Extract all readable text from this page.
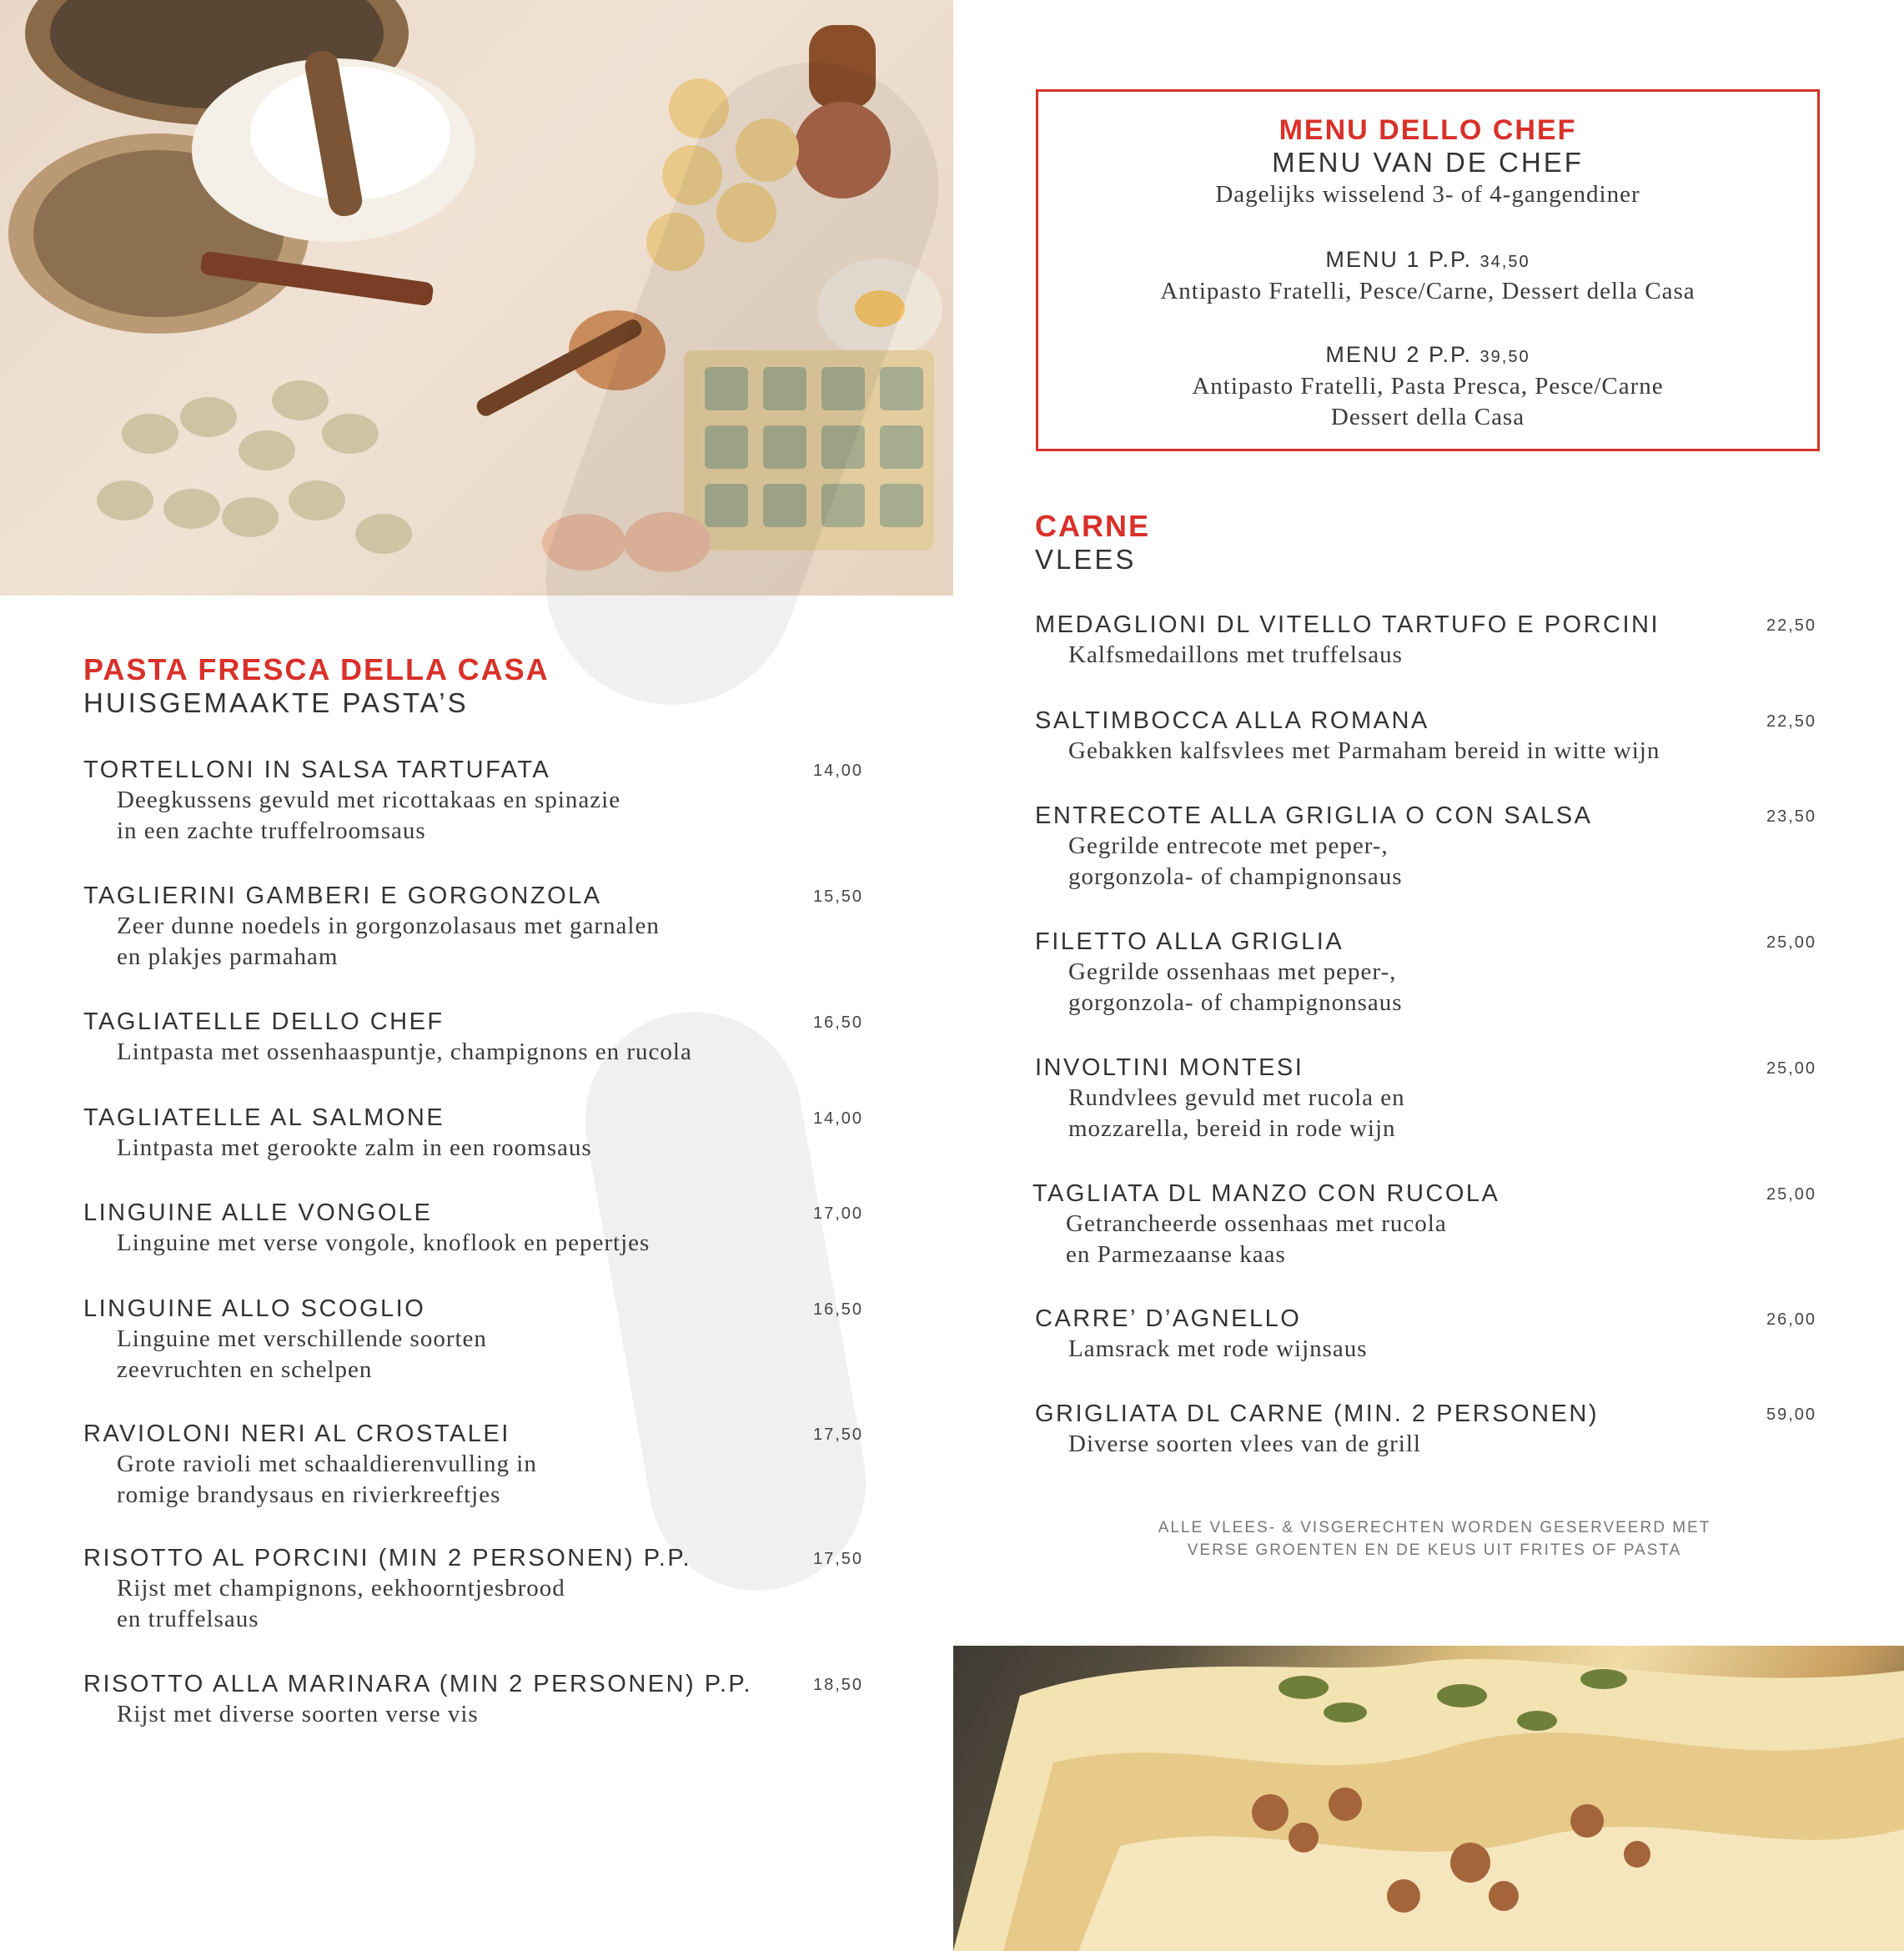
PASTA FRESCA DELLA CASA
HUISGEMAAKTE PASTA’S
TORTELLONI IN SALSA TARTUFATA	14,00
Deegkussens gevuld met ricottakaas en spinazie
in een zachte truffelroomsaus
TAGLIERINI GAMBERI E GORGONZOLA	15,50
Zeer dunne noedels in gorgonzolasaus met garnalen
en plakjes parmaham
TAGLIATELLE DELLO CHEF	16,50
Lintpasta met ossenhaaspuntje, champignons en rucola
TAGLIATELLE AL SALMONE	14,00
Lintpasta met gerookte zalm in een roomsaus
LINGUINE ALLE VONGOLE	17,00
Linguine met verse vongole, knoflook en pepertjes
LINGUINE ALLO SCOGLIO	16,50
Linguine met verschillende soorten
zeevruchten en schelpen
RAVIOLONI NERI AL CROSTALEI	17,50
Grote ravioli met schaaldierenvulling in
romige brandysaus en rivierkreeftjes
RISOTTO AL PORCINI (MIN 2 PERSONEN) P.P.	17,50
Rijst met champignons, eekhoorntjesbrood
en truffelsaus
RISOTTO ALLA MARINARA (MIN 2 PERSONEN) P.P.	18,50
Rijst met diverse soorten verse vis
MENU DELLO CHEF
MENU VAN DE CHEF
Dagelijks wisselend 3- of 4-gangendiner
MENU 1 P.P. 34,50
Antipasto Fratelli, Pesce/Carne, Dessert della Casa
MENU 2 P.P. 39,50
Antipasto Fratelli, Pasta Presca, Pesce/Carne
Dessert della Casa
CARNE
VLEES
MEDAGLIONI DL VITELLO TARTUFO E PORCINI	22,50
Kalfsmedaillons met truffelsaus
SALTIMBOCCA ALLA ROMANA	22,50
Gebakken kalfsvlees met Parmaham bereid in witte wijn
ENTRECOTE ALLA GRIGLIA O CON SALSA	23,50
Gegrilde entrecote met peper-,
gorgonzola- of champignonsaus
FILETTO ALLA GRIGLIA	25,00
Gegrilde ossenhaas met peper-,
gorgonzola- of champignonsaus
INVOLTINI MONTESI	25,00
Rundvlees gevuld met rucola en
mozzarella, bereid in rode wijn
TAGLIATA DL MANZO CON RUCOLA	25,00
Getrancheerde ossenhaas met rucola
en Parmezaanse kaas
CARRE’ D’AGNELLO	26,00
Lamsrack met rode wijnsaus
GRIGLIATA DL CARNE (MIN. 2 PERSONEN)	59,00
Diverse soorten vlees van de grill
ALLE VLEES- & VISGERECHTEN WORDEN GESERVEERD MET
VERSE GROENTEN EN DE KEUS UIT FRITES OF PASTA
